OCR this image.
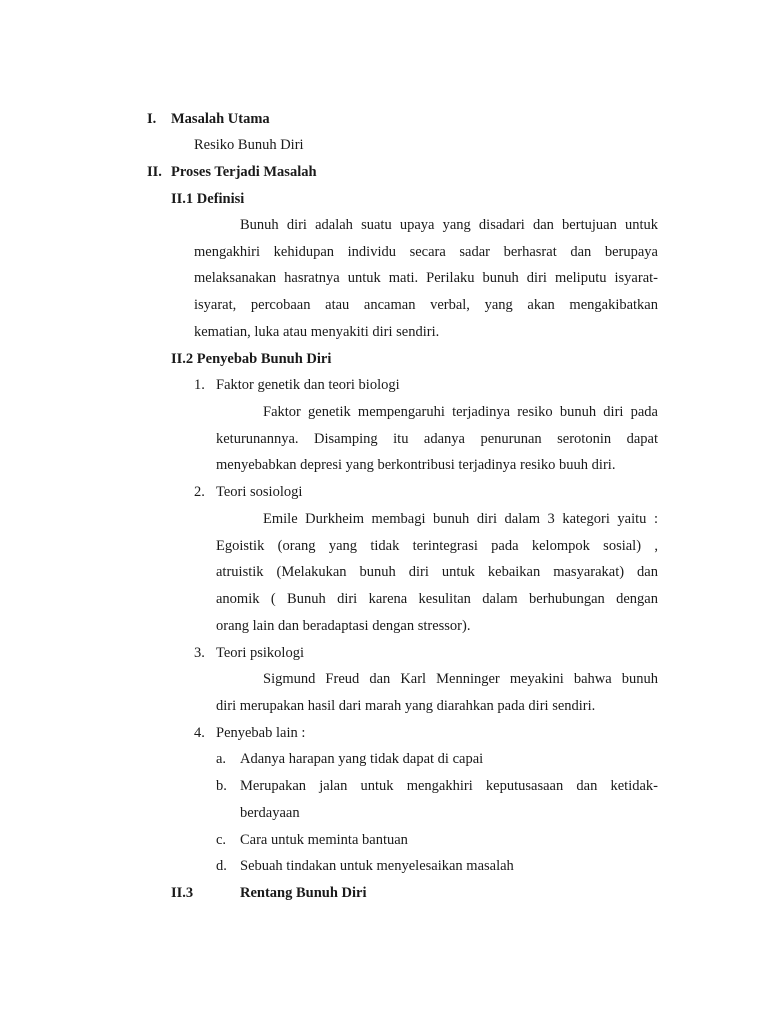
I. Masalah Utama
Resiko Bunuh Diri
II. Proses Terjadi Masalah
II.1 Definisi
Bunuh diri adalah suatu upaya yang disadari dan bertujuan untuk
mengakhiri kehidupan individu secara sadar berhasrat dan berupaya
melaksanakan hasratnya untuk mati. Perilaku bunuh diri meliputu isyarat-
isyarat, percobaan atau ancaman verbal, yang akan mengakibatkan
kematian, luka atau menyakiti diri sendiri.
II.2 Penyebab Bunuh Diri
1. Faktor genetik dan teori biologi
Faktor genetik mempengaruhi terjadinya resiko bunuh diri pada
keturunannya. Disamping itu adanya penurunan serotonin dapat
menyebabkan depresi yang berkontribusi terjadinya resiko buuh diri.
2. Teori sosiologi
Emile Durkheim membagi bunuh diri dalam 3 kategori yaitu :
Egoistik (orang yang tidak terintegrasi pada kelompok sosial) ,
atruistik (Melakukan bunuh diri untuk kebaikan masyarakat) dan
anomik ( Bunuh diri karena kesulitan dalam berhubungan dengan
orang lain dan beradaptasi dengan stressor).
3. Teori psikologi
Sigmund Freud dan Karl Menninger meyakini bahwa bunuh
diri merupakan hasil dari marah yang diarahkan pada diri sendiri.
4. Penyebab lain :
a. Adanya harapan yang tidak dapat di capai
b. Merupakan jalan untuk mengakhiri keputusasaan dan ketidak-
berdayaan
c. Cara untuk meminta bantuan
d. Sebuah tindakan untuk menyelesaikan masalah
II.3	Rentang Bunuh Diri
